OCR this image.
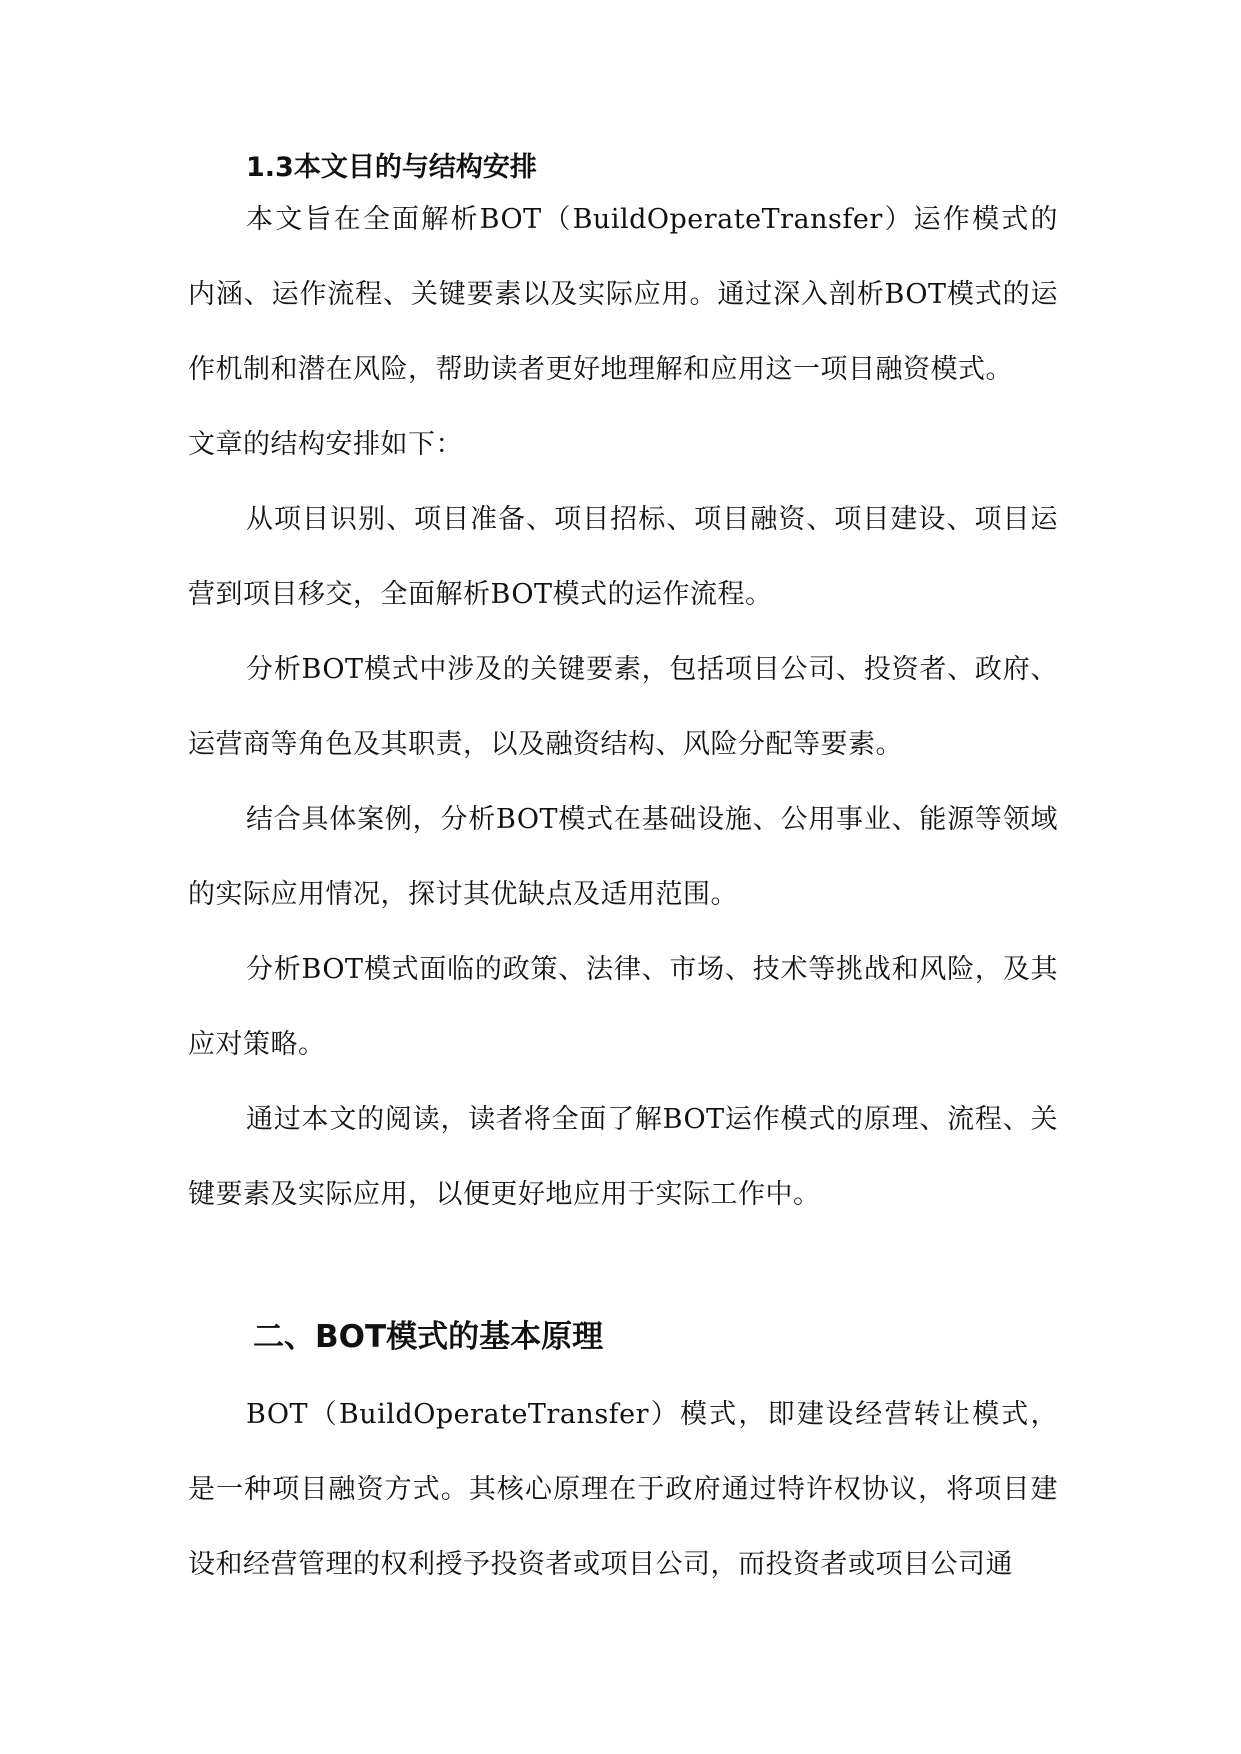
1.3本文目的与结构安排

本文旨在全面解析BOT（BuildOperateTransfer）运作模式的内涵、运作流程、关键要素以及实际应用。通过深入剖析BOT模式的运作机制和潜在风险，帮助读者更好地理解和应用这一项目融资模式。

文章的结构安排如下：

从项目识别、项目准备、项目招标、项目融资、项目建设、项目运营到项目移交，全面解析BOT模式的运作流程。

分析BOT模式中涉及的关键要素，包括项目公司、投资者、政府、运营商等角色及其职责，以及融资结构、风险分配等要素。

结合具体案例，分析BOT模式在基础设施、公用事业、能源等领域的实际应用情况，探讨其优缺点及适用范围。

分析BOT模式面临的政策、法律、市场、技术等挑战和风险，及其应对策略。

通过本文的阅读，读者将全面了解BOT运作模式的原理、流程、关键要素及实际应用，以便更好地应用于实际工作中。

二、BOT模式的基本原理

BOT（BuildOperateTransfer）模式，即建设经营转让模式，是一种项目融资方式。其核心原理在于政府通过特许权协议，将项目建设和经营管理的权利授予投资者或项目公司，而投资者或项目公司通
